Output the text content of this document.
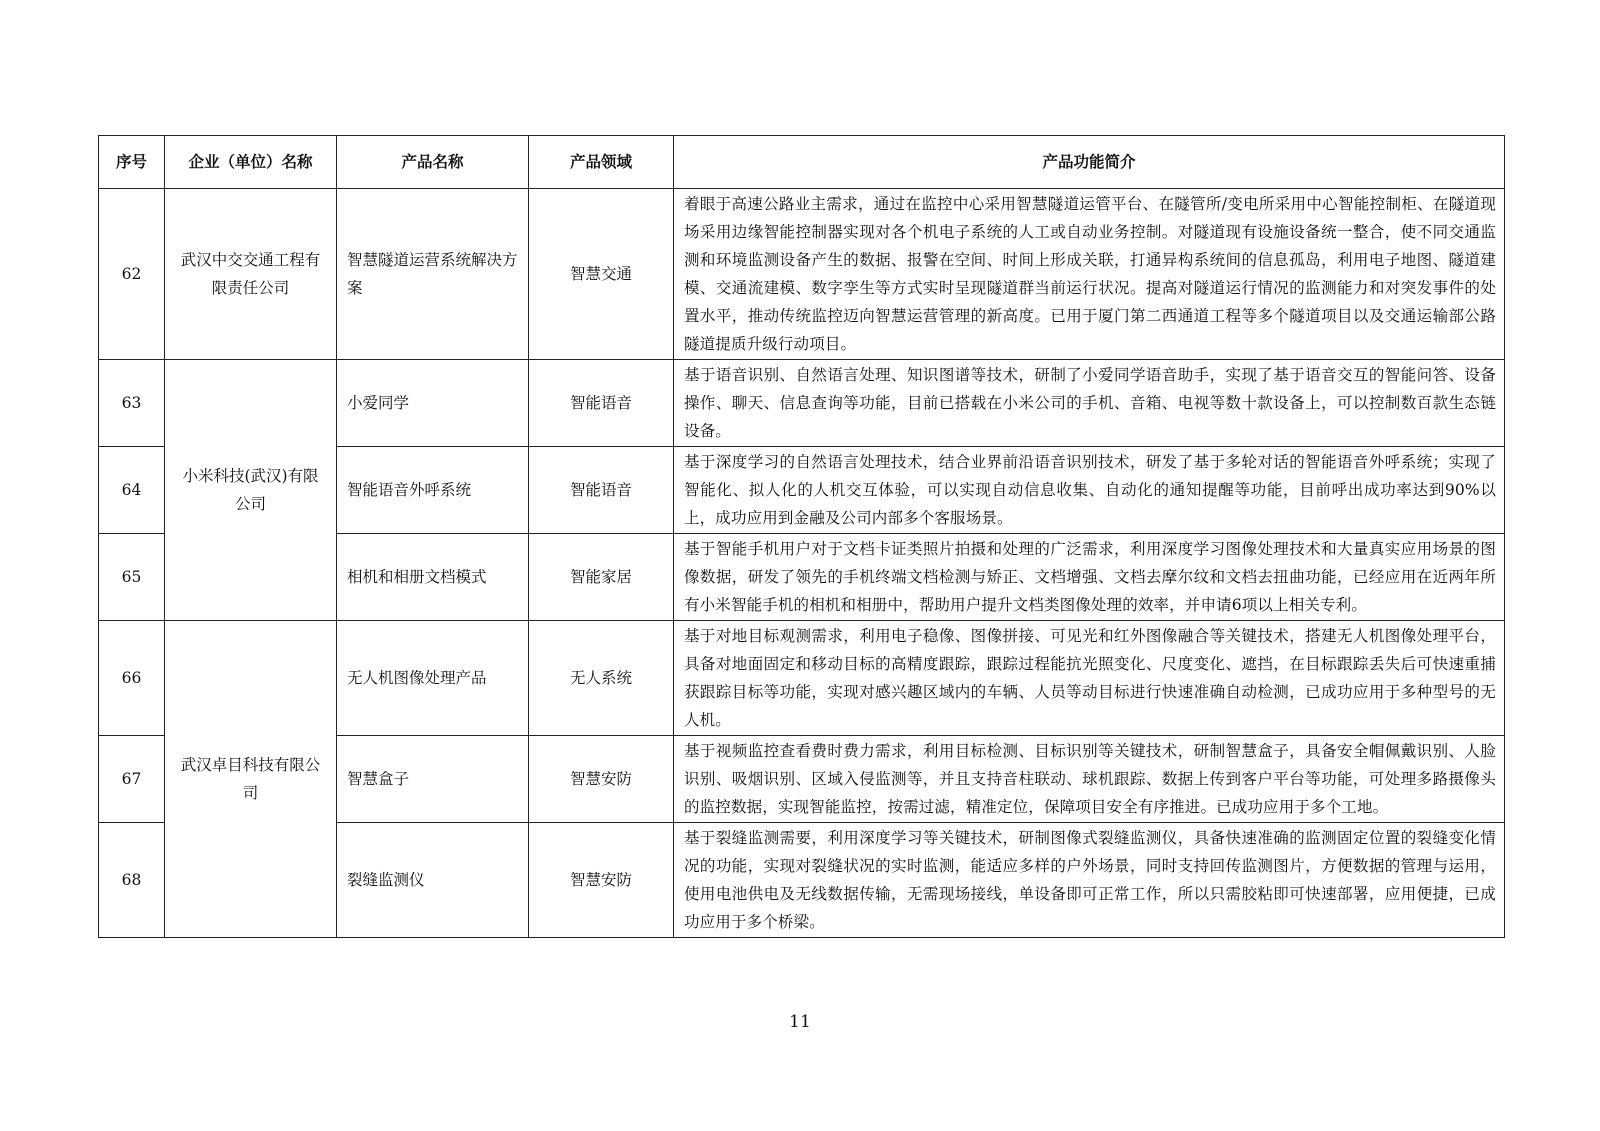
序号	企业（单位）名称	产品名称	产品领域	产品功能简介
62	武汉中交交通工程有限责任公司	智慧隧道运营系统解决方案	智慧交通	着眼于高速公路业主需求，通过在监控中心采用智慧隧道运管平台、在隧管所/变电所采用中心智能控制柜、在隧道现场采用边缘智能控制器实现对各个机电子系统的人工或自动业务控制。对隧道现有设施设备统一整合，使不同交通监测和环境监测设备产生的数据、报警在空间、时间上形成关联，打通异构系统间的信息孤岛，利用电子地图、隧道建模、交通流建模、数字孪生等方式实时呈现隧道群当前运行状况。提高对隧道运行情况的监测能力和对突发事件的处置水平，推动传统监控迈向智慧运营管理的新高度。已用于厦门第二西通道工程等多个隧道项目以及交通运输部公路隧道提质升级行动项目。
63	小米科技(武汉)有限公司	小爱同学	智能语音	基于语音识别、自然语言处理、知识图谱等技术，研制了小爱同学语音助手，实现了基于语音交互的智能问答、设备操作、聊天、信息查询等功能，目前已搭载在小米公司的手机、音箱、电视等数十款设备上，可以控制数百款生态链设备。
64		智能语音外呼系统	智能语音	基于深度学习的自然语言处理技术，结合业界前沿语音识别技术，研发了基于多轮对话的智能语音外呼系统；实现了智能化、拟人化的人机交互体验，可以实现自动信息收集、自动化的通知提醒等功能，目前呼出成功率达到90%以上，成功应用到金融及公司内部多个客服场景。
65		相机和相册文档模式	智能家居	基于智能手机用户对于文档卡证类照片拍摄和处理的广泛需求，利用深度学习图像处理技术和大量真实应用场景的图像数据，研发了领先的手机终端文档检测与矫正、文档增强、文档去摩尔纹和文档去扭曲功能，已经应用在近两年所有小米智能手机的相机和相册中，帮助用户提升文档类图像处理的效率，并申请6项以上相关专利。
66	武汉卓目科技有限公司	无人机图像处理产品	无人系统	基于对地目标观测需求，利用电子稳像、图像拼接、可见光和红外图像融合等关键技术，搭建无人机图像处理平台，具备对地面固定和移动目标的高精度跟踪，跟踪过程能抗光照变化、尺度变化、遮挡，在目标跟踪丢失后可快速重捕获跟踪目标等功能，实现对感兴趣区域内的车辆、人员等动目标进行快速准确自动检测，已成功应用于多种型号的无人机。
67		智慧盒子	智慧安防	基于视频监控查看费时费力需求，利用目标检测、目标识别等关键技术，研制智慧盒子，具备安全帽佩戴识别、人脸识别、吸烟识别、区域入侵监测等，并且支持音柱联动、球机跟踪、数据上传到客户平台等功能，可处理多路摄像头的监控数据，实现智能监控，按需过滤，精准定位，保障项目安全有序推进。已成功应用于多个工地。
68		裂缝监测仪	智慧安防	基于裂缝监测需要，利用深度学习等关键技术，研制图像式裂缝监测仪，具备快速准确的监测固定位置的裂缝变化情况的功能，实现对裂缝状况的实时监测，能适应多样的户外场景，同时支持回传监测图片，方便数据的管理与运用，使用电池供电及无线数据传输，无需现场接线，单设备即可正常工作，所以只需胶粘即可快速部署，应用便捷，已成功应用于多个桥梁。
11
